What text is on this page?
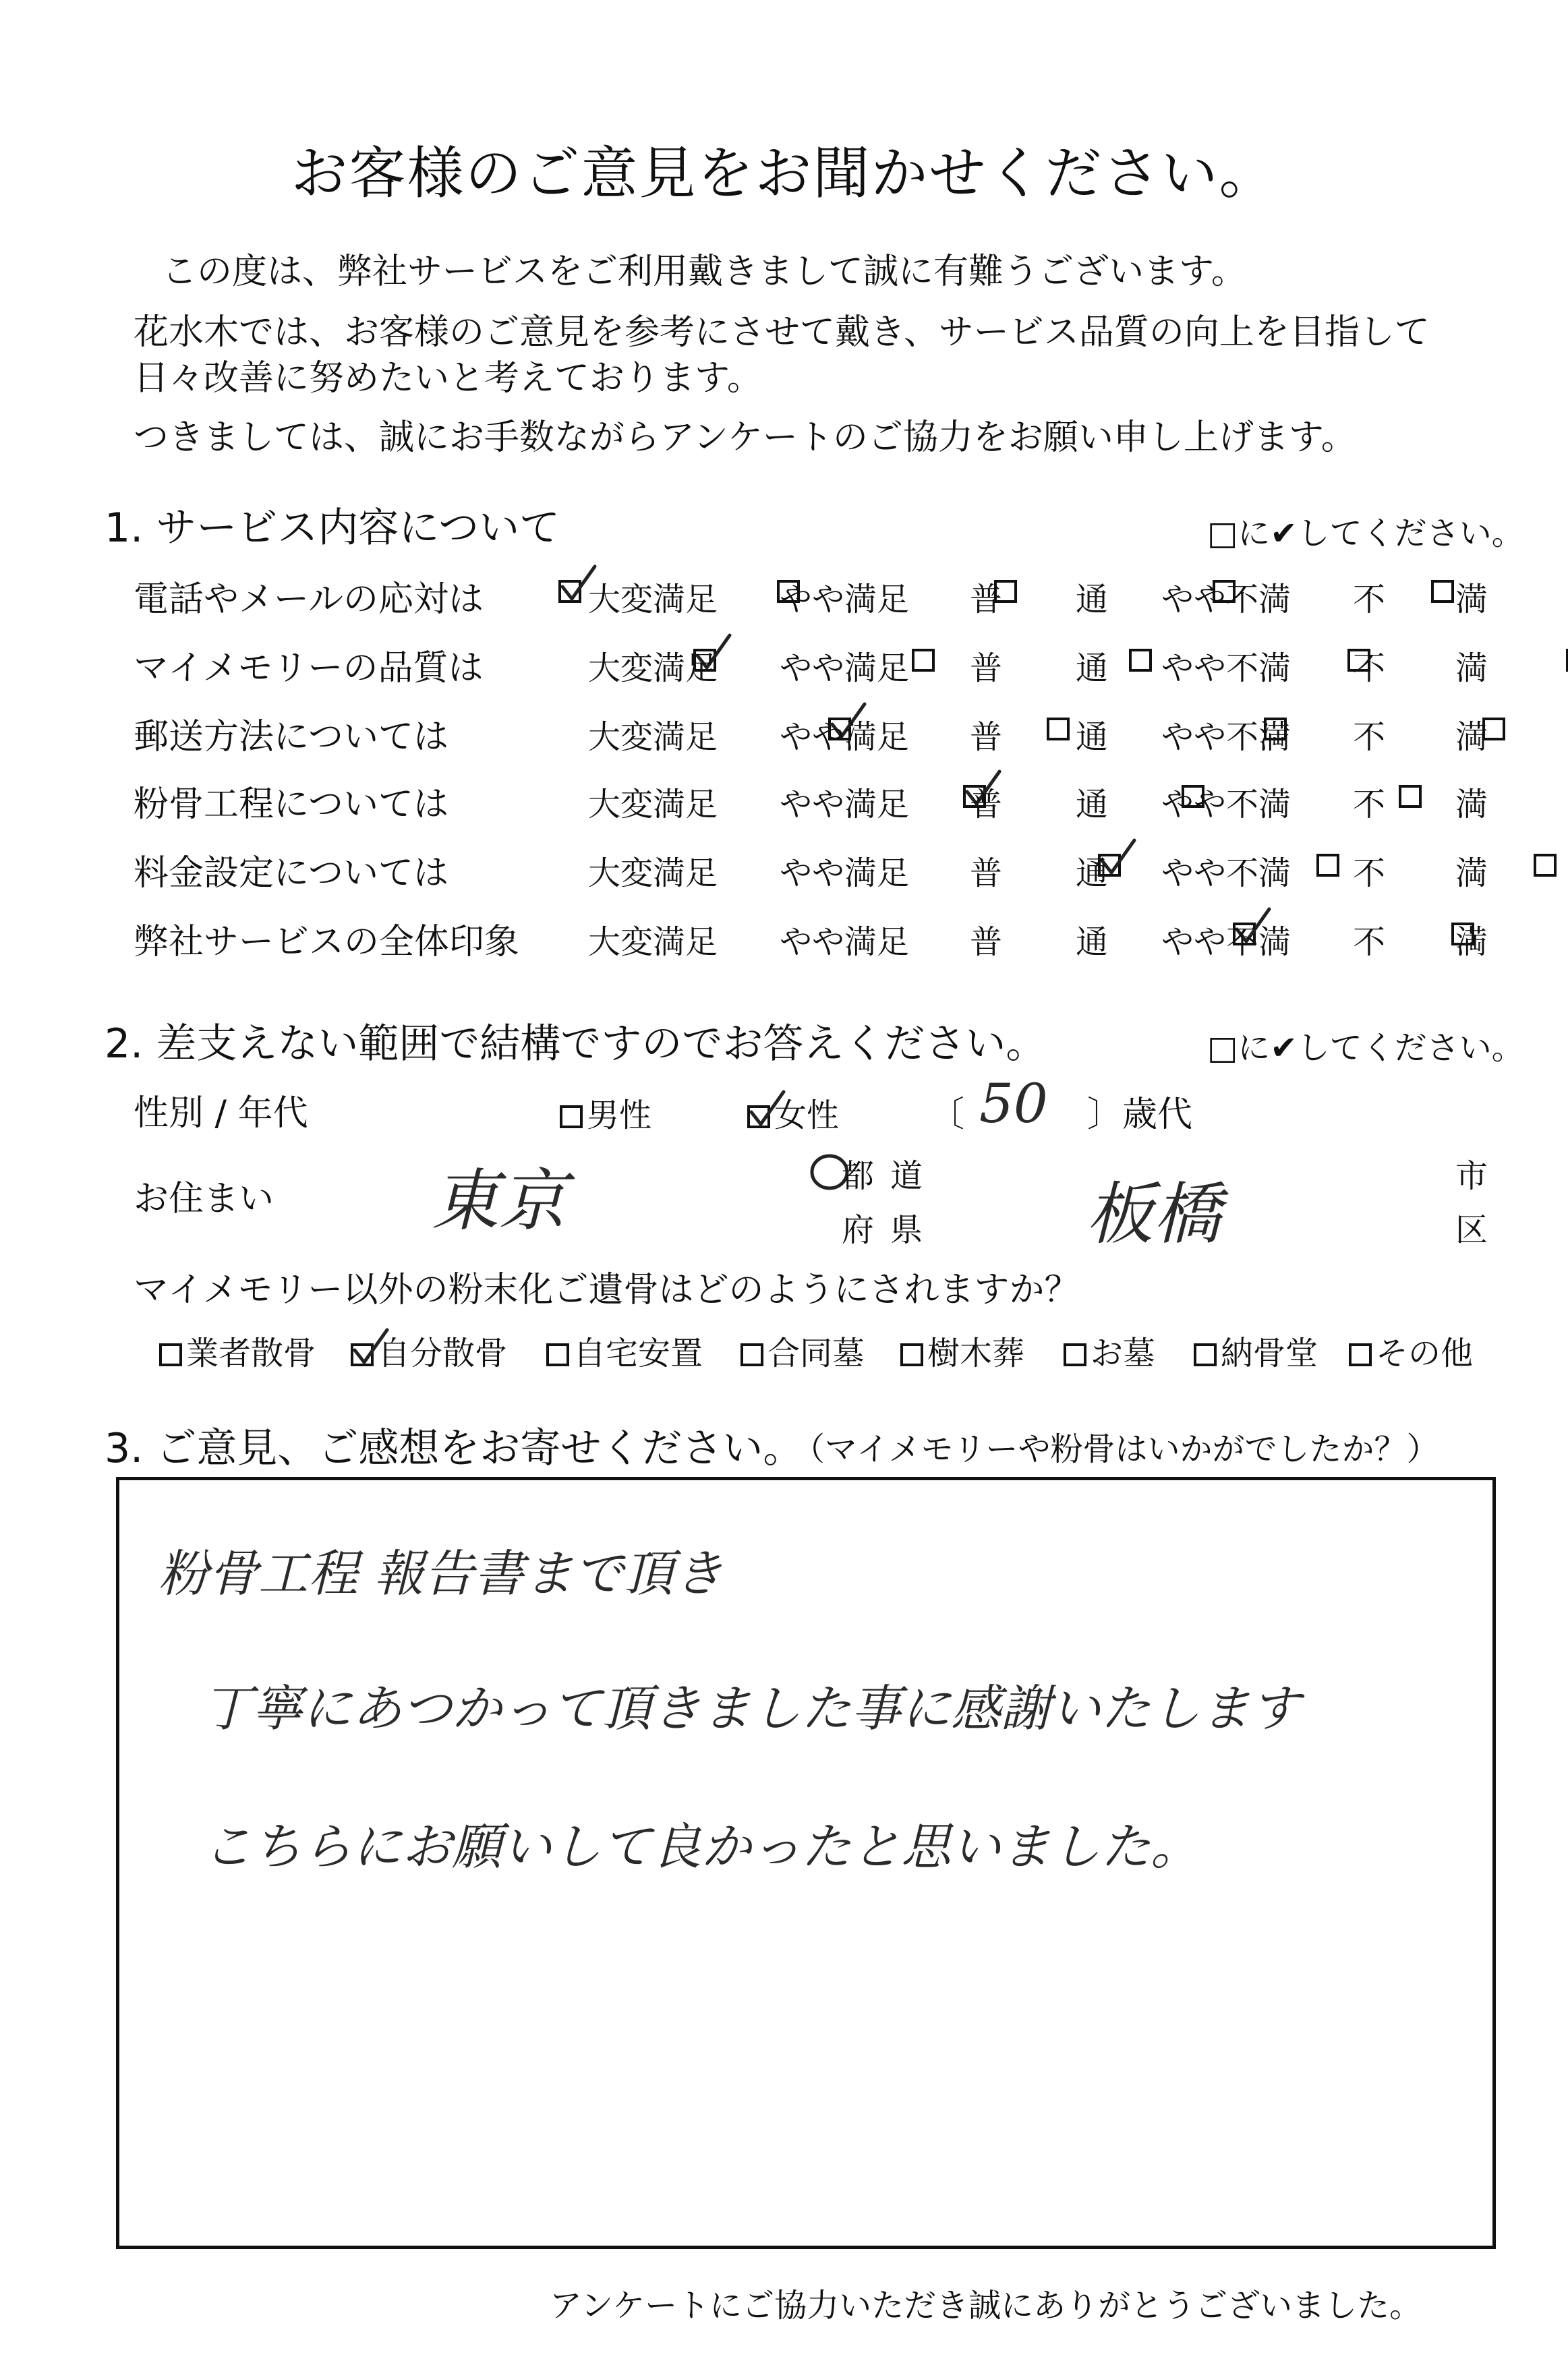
お客様のご意見をお聞かせください。
この度は、弊社サービスをご利用戴きまして誠に有難うございます。
花水木では、お客様のご意見を参考にさせて戴き、サービス品質の向上を目指して
日々改善に努めたいと考えております。
つきましては、誠にお手数ながらアンケートのご協力をお願い申し上げます。
1. サービス内容について	□に✔してください。
電話やメールの応対は	大変満足 やや満足 普 通 やや不満 不 満
マイメモリーの品質は	大変満足 やや満足 普 通 やや不満 不 満
郵送方法については	大変満足 やや満足 普 通 やや不満 不 満
粉骨工程については	大変満足 やや満足 普 通 やや不満 不 満
料金設定については	大変満足 やや満足 普 通 やや不満 不 満
弊社サービスの全体印象 大変満足 やや満足 普 通 やや不満 不 満
2. 差支えない範囲で結構ですのでお答えください。	□に✔してください。
性別 / 年代	男性	女性	〔 50 〕歳代
お住まい 東京	都 道
府 県 板橋	市
区
マイメモリー以外の粉末化ご遺骨はどのようにされますか？
業者散骨	自分散骨	自宅安置	合同墓	樹木葬	お墓	納骨堂	その他
3. ご意見、ご感想をお寄せください。
（マイメモリーや粉骨はいかがでしたか？）
粉骨工程 報告書まで頂き
丁寧にあつかって頂きました事に感謝いたします
こちらにお願いして良かったと思いました。
アンケートにご協力いただき誠にありがとうございました。
